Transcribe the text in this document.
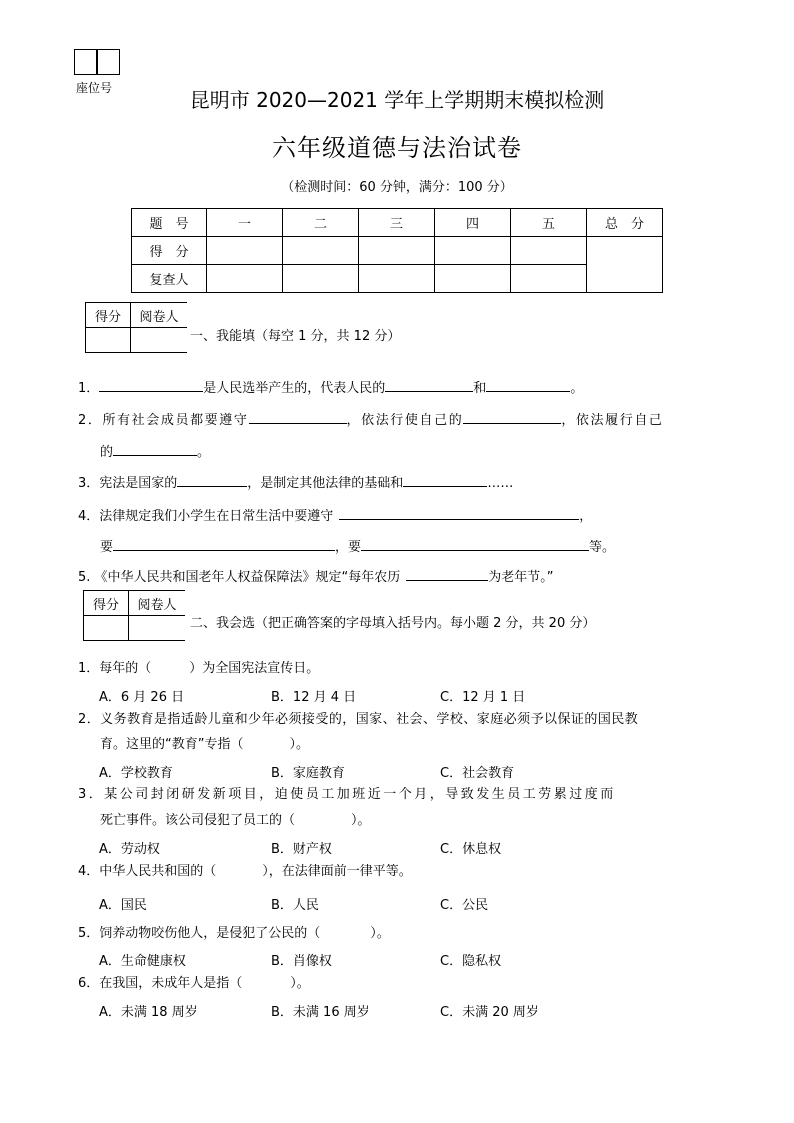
座位号	昆明市 2020—2021 学年上学期期末模拟检测
六年级道德与法治试卷
（检测时间：60 分钟，满分：100 分）
题　号	一	二	三	四	五	总　分
得　分						
复查人						
得分	阅卷人

一、我能填（每空 1 分，共 12 分）
1．	是人民选举产生的，代表人民的	和	。
2．所有社会成员都要遵守	，依法行使自己的	，依法履行自己
的	。
3．宪法是国家的	，是制定其他法律的基础和	……
4．法律规定我们小学生在日常生活中要遵守	，
要	，要	等。
5. 《中华人民共和国老年人权益保障法》规定“每年农历	为老年节。”
得分	阅卷人

二、我会选（把正确答案的字母填入括号内。每小题 2 分，共 20 分）
1．每年的（	）为全国宪法宣传日。
A．6 月 26 日	B．12 月 4 日	C．12 月 1 日
2．义务教育是指适龄儿童和少年必须接受的，国家、社会、学校、家庭必须予以保证的国民教
育。这里的“教育”专指（	）。
A．学校教育	B．家庭教育	C．社会教育
3．某公司封闭研发新项目，迫使员工加班近一个月，导致发生员工劳累过度而
死亡事件。该公司侵犯了员工的（	）。
A．劳动权	B．财产权	C．休息权
4．中华人民共和国的（	），在法律面前一律平等。
A．国民	B．人民	C．公民
5．饲养动物咬伤他人，是侵犯了公民的（	）。
A．生命健康权	B．肖像权	C．隐私权
6．在我国，未成年人是指（	）。
A．未满 18 周岁	B．未满 16 周岁	C．未满 20 周岁
